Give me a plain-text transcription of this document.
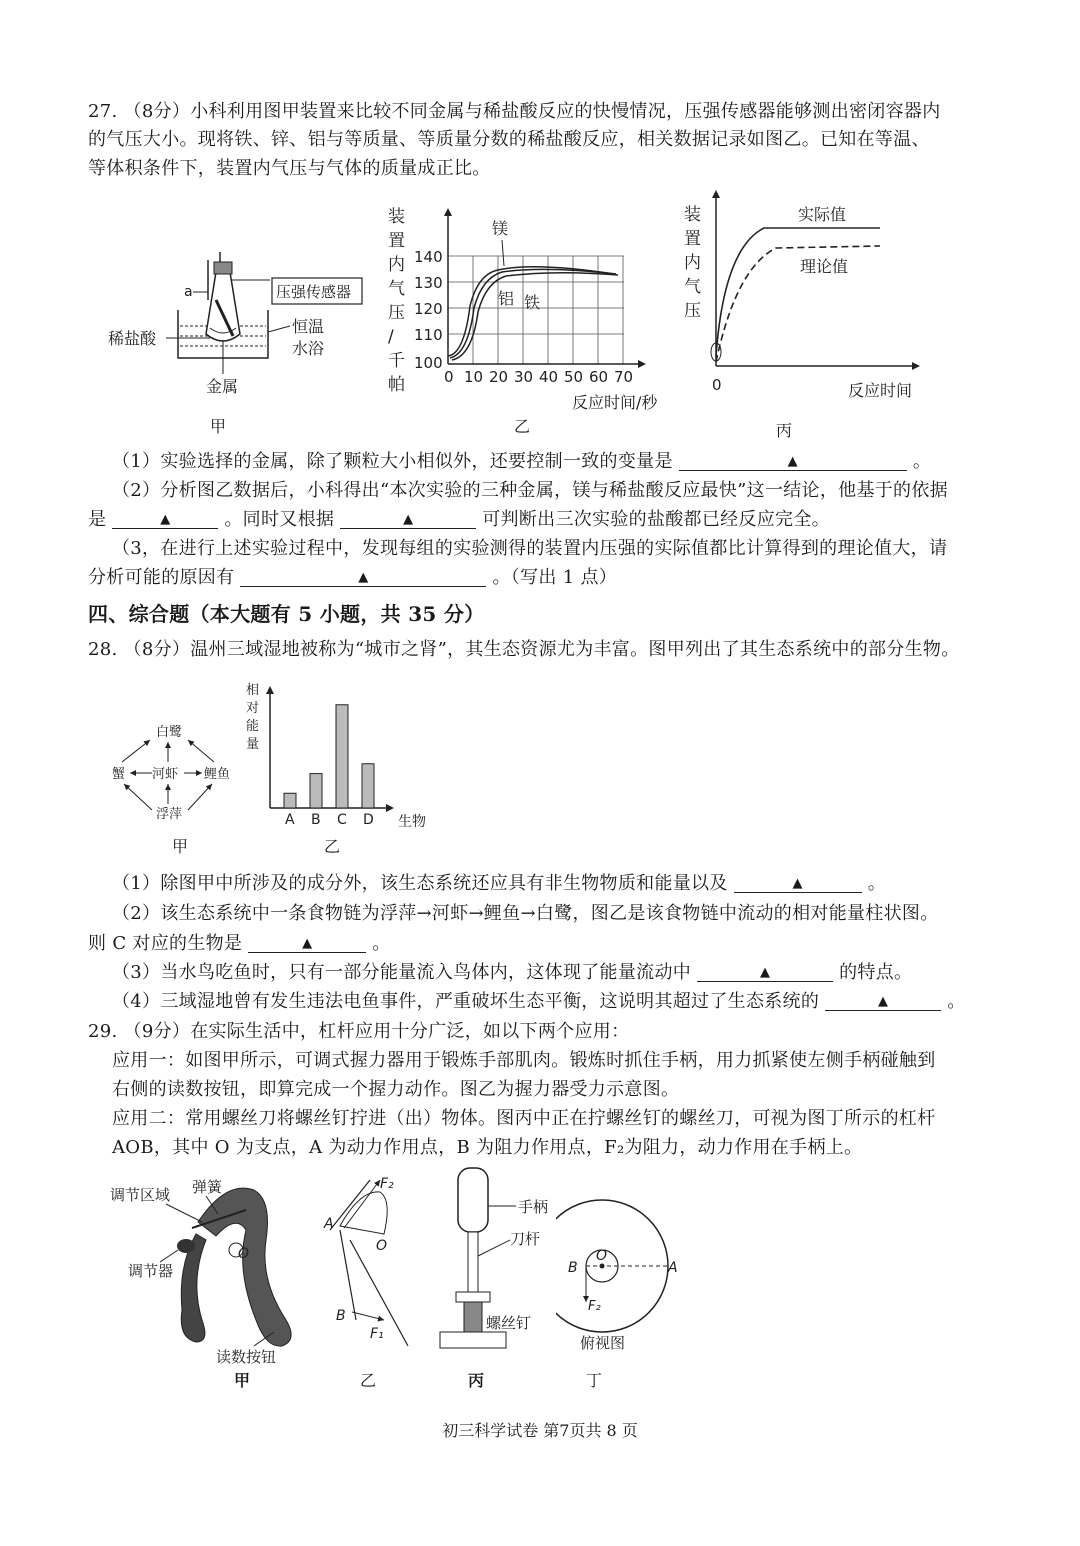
27. （8分）小科利用图甲装置来比较不同金属与稀盐酸反应的快慢情况，压强传感器能够测出密闭容器内
的气压大小。现将铁、锌、铝与等质量、等质量分数的稀盐酸反应，相关数据记录如图乙。已知在等温、
等体积条件下，装置内气压与气体的质量成正比。
压强传感器
a
稀盐酸
恒温
水浴
金属
甲
装
置
内
气
压
/
千
帕
140
130
120
110
100
0 10 20 30 40 50 60 70
镁
铝 铁
反应时间/秒
乙
装
置
内
气
压
实际值
理论值
0	反应时间
丙
（1）实验选择的金属，除了颗粒大小相似外，还要控制一致的变量是	▲	。
（2）分析图乙数据后，小科得出“本次实验的三种金属，镁与稀盐酸反应最快”这一结论，他基于的依据
是	▲	。同时又根据	▲	可判断出三次实验的盐酸都已经反应完全。
（3，在进行上述实验过程中，发现每组的实验测得的装置内压强的实际值都比计算得到的理论值大，请
分析可能的原因有	▲	。（写出 1 点）
四、综合题（本大题有 5 小题，共 35 分）
28. （8分）温州三域湿地被称为“城市之肾”，其生态资源尤为丰富。图甲列出了其生态系统中的部分生物。
白鹭
蟹 河虾 鲤鱼
浮萍
甲
相
对
能
量
A B C D 生物
乙
（1）除图甲中所涉及的成分外，该生态系统还应具有非生物物质和能量以及	▲	。
（2）该生态系统中一条食物链为浮萍→河虾→鲤鱼→白鹭，图乙是该食物链中流动的相对能量柱状图。
则 C 对应的生物是	▲	。
（3）当水鸟吃鱼时，只有一部分能量流入鸟体内，这体现了能量流动中	▲	的特点。
（4）三域湿地曾有发生违法电鱼事件，严重破坏生态平衡，这说明其超过了生态系统的	▲	。
29. （9分）在实际生活中，杠杆应用十分广泛，如以下两个应用：
应用一：如图甲所示，可调式握力器用于锻炼手部肌肉。锻炼时抓住手柄，用力抓紧使左侧手柄碰触到
右侧的读数按钮，即算完成一个握力动作。图乙为握力器受力示意图。
应用二：常用螺丝刀将螺丝钉拧进（出）物体。图丙中正在拧螺丝钉的螺丝刀，可视为图丁所示的杠杆
AOB，其中 O 为支点，A 为动力作用点，B 为阻力作用点，F₂为阻力，动力作用在手柄上。
调节区域 弹簧
O
调节器
读数按钮
甲
F₂
A
O
B
F₁
乙
手柄
刀杆
螺丝钉
丙
B
O
A
F₂
俯视图
丁
初三科学试卷 第7页共 8 页
